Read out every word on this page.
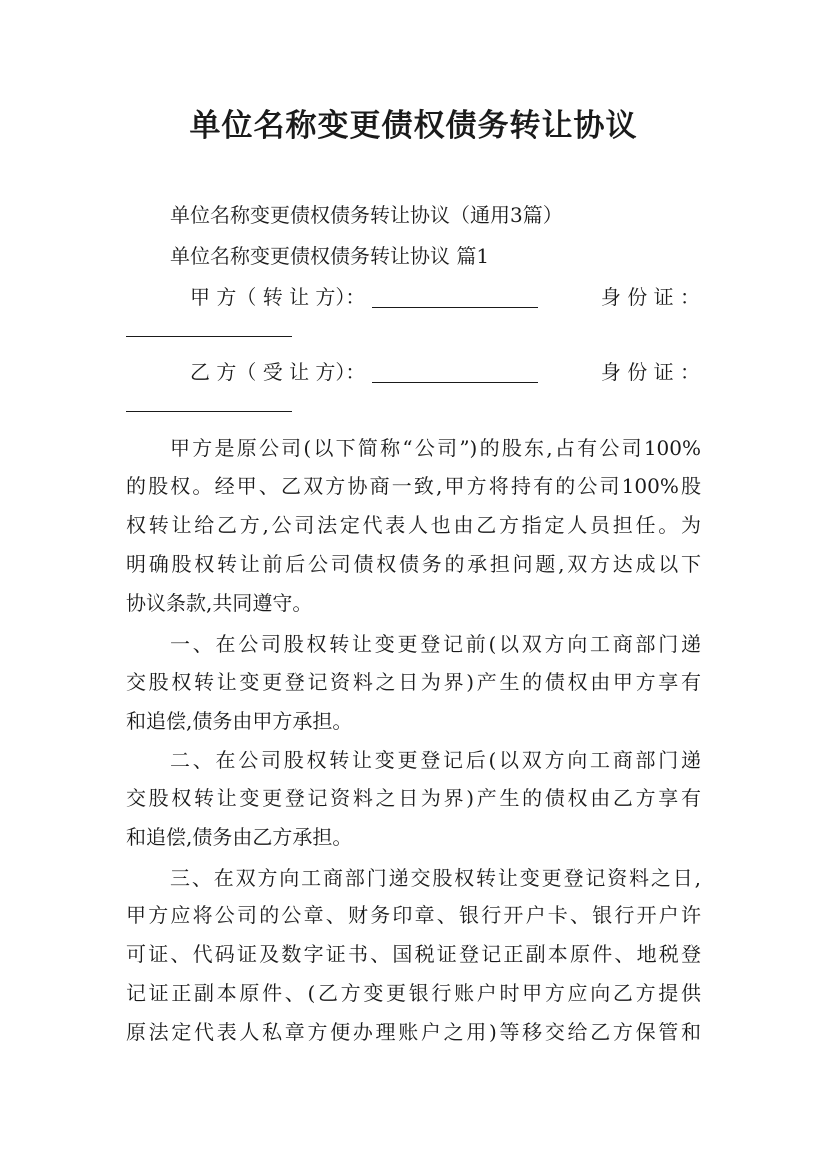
单位名称变更债权债务转让协议
单位名称变更债权债务转让协议（通用3篇）
单位名称变更债权债务转让协议 篇1
甲 方（ 转 让 方）：	身 份 证 ：
乙 方（ 受 让 方）：	身 份 证 ：
甲方是原公司(以下简称“公司”)的股东,占有公司100%
的股权。经甲、乙双方协商一致,甲方将持有的公司100%股
权转让给乙方,公司法定代表人也由乙方指定人员担任。为
明确股权转让前后公司债权债务的承担问题,双方达成以下
协议条款,共同遵守。
一、在公司股权转让变更登记前(以双方向工商部门递
交股权转让变更登记资料之日为界)产生的债权由甲方享有
和追偿,债务由甲方承担。
二、在公司股权转让变更登记后(以双方向工商部门递
交股权转让变更登记资料之日为界)产生的债权由乙方享有
和追偿,债务由乙方承担。
三、在双方向工商部门递交股权转让变更登记资料之日,
甲方应将公司的公章、财务印章、银行开户卡、银行开户许
可证、代码证及数字证书、国税证登记正副本原件、地税登
记证正副本原件、(乙方变更银行账户时甲方应向乙方提供
原法定代表人私章方便办理账户之用)等移交给乙方保管和
